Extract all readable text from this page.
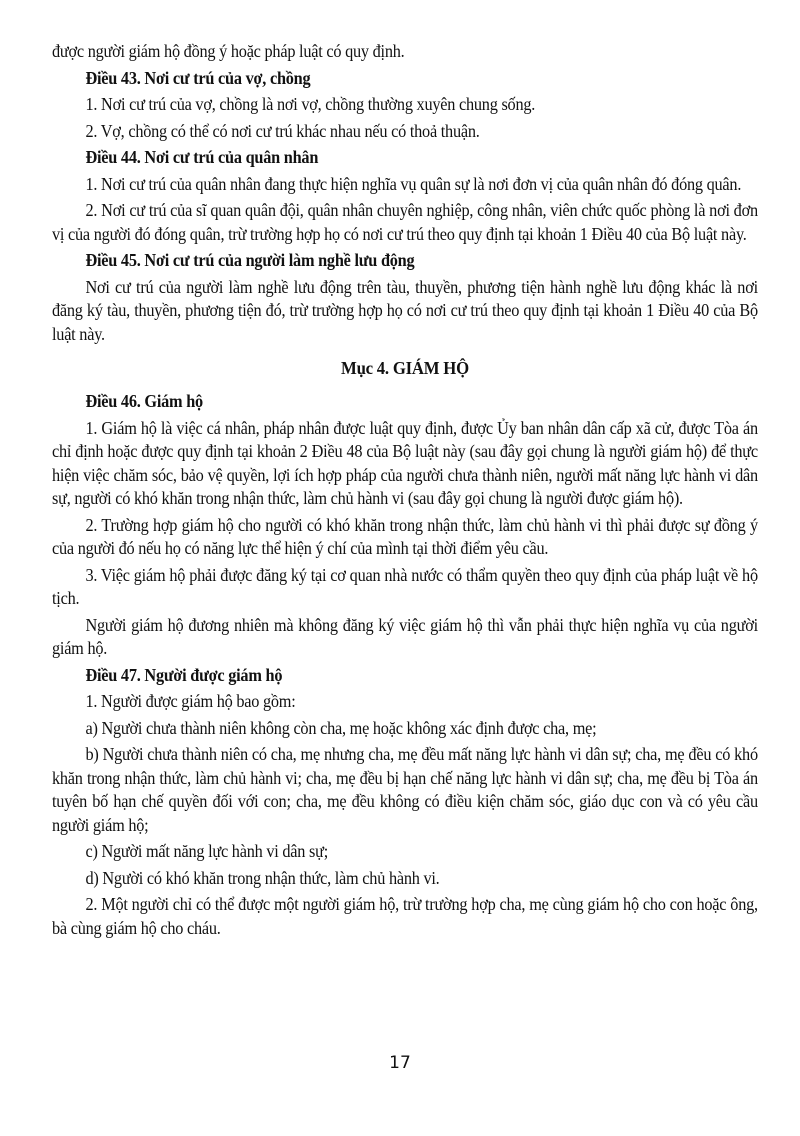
được người giám hộ đồng ý hoặc pháp luật có quy định.

Điều 43. Nơi cư trú của vợ, chồng

1. Nơi cư trú của vợ, chồng là nơi vợ, chồng thường xuyên chung sống.

2. Vợ, chồng có thể có nơi cư trú khác nhau nếu có thoả thuận.

Điều 44. Nơi cư trú của quân nhân

1. Nơi cư trú của quân nhân đang thực hiện nghĩa vụ quân sự là nơi đơn vị của quân nhân đó đóng quân.

2. Nơi cư trú của sĩ quan quân đội, quân nhân chuyên nghiệp, công nhân, viên chức quốc phòng là nơi đơn vị của người đó đóng quân, trừ trường hợp họ có nơi cư trú theo quy định tại khoản 1 Điều 40 của Bộ luật này.

Điều 45. Nơi cư trú của người làm nghề lưu động

Nơi cư trú của người làm nghề lưu động trên tàu, thuyền, phương tiện hành nghề lưu động khác là nơi đăng ký tàu, thuyền, phương tiện đó, trừ trường hợp họ có nơi cư trú theo quy định tại khoản 1 Điều 40 của Bộ luật này.

Mục 4. GIÁM HỘ
Điều 46. Giám hộ

1. Giám hộ là việc cá nhân, pháp nhân được luật quy định, được Ủy ban nhân dân cấp xã cử, được Tòa án chỉ định hoặc được quy định tại khoản 2 Điều 48 của Bộ luật này (sau đây gọi chung là người giám hộ) để thực hiện việc chăm sóc, bảo vệ quyền, lợi ích hợp pháp của người chưa thành niên, người mất năng lực hành vi dân sự, người có khó khăn trong nhận thức, làm chủ hành vi (sau đây gọi chung là người được giám hộ).

2. Trường hợp giám hộ cho người có khó khăn trong nhận thức, làm chủ hành vi thì phải được sự đồng ý của người đó nếu họ có năng lực thể hiện ý chí của mình tại thời điểm yêu cầu.

3. Việc giám hộ phải được đăng ký tại cơ quan nhà nước có thẩm quyền theo quy định của pháp luật về hộ tịch.

Người giám hộ đương nhiên mà không đăng ký việc giám hộ thì vẫn phải thực hiện nghĩa vụ của người giám hộ.

Điều 47. Người được giám hộ

1. Người được giám hộ bao gồm:

a) Người chưa thành niên không còn cha, mẹ hoặc không xác định được cha, mẹ;

b) Người chưa thành niên có cha, mẹ nhưng cha, mẹ đều mất năng lực hành vi dân sự; cha, mẹ đều có khó khăn trong nhận thức, làm chủ hành vi; cha, mẹ đều bị hạn chế năng lực hành vi dân sự; cha, mẹ đều bị Tòa án tuyên bố hạn chế quyền đối với con; cha, mẹ đều không có điều kiện chăm sóc, giáo dục con và có yêu cầu người giám hộ;

c) Người mất năng lực hành vi dân sự;

d) Người có khó khăn trong nhận thức, làm chủ hành vi.

2. Một người chỉ có thể được một người giám hộ, trừ trường hợp cha, mẹ cùng giám hộ cho con hoặc ông, bà cùng giám hộ cho cháu.

17
